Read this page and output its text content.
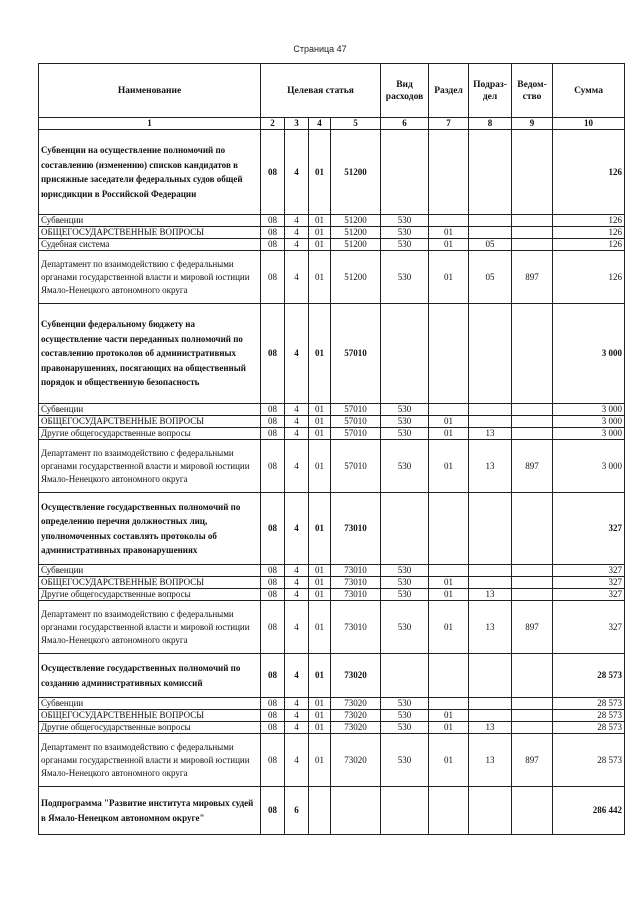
Страница 47
Наименование	Целевая статья				Вид расходов	Раздел	Подраз-дел	Ведом-ство	Сумма
1	2	3	4	5	6	7	8	9	10
Субвенции на осуществление полномочий по составлению (изменению) списков кандидатов в присяжные заседатели федеральных судов общей юрисдикции в Российской Федерации	08	4	01	51200					126
Субвенции	08	4	01	51200	530				126
ОБЩЕГОСУДАРСТВЕННЫЕ ВОПРОСЫ	08	4	01	51200	530	01			126
Судебная система	08	4	01	51200	530	01	05		126
Департамент по взаимодействию с федеральными органами государственной власти и мировой юстиции Ямало-Ненецкого автономного округа	08	4	01	51200	530	01	05	897	126
Субвенции федеральному бюджету на осуществление части переданных полномочий по составлению протоколов об административных правонарушениях, посягающих на общественный порядок и общественную безопасность	08	4	01	57010					3 000
Субвенции	08	4	01	57010	530				3 000
ОБЩЕГОСУДАРСТВЕННЫЕ ВОПРОСЫ	08	4	01	57010	530	01			3 000
Другие общегосударственные вопросы	08	4	01	57010	530	01	13		3 000
Департамент по взаимодействию с федеральными органами государственной власти и мировой юстиции Ямало-Ненецкого автономного округа	08	4	01	57010	530	01	13	897	3 000
Осуществление государственных полномочий по определению перечня должностных лиц, уполномоченных составлять протоколы об административных правонарушениях	08	4	01	73010					327
Субвенции	08	4	01	73010	530				327
ОБЩЕГОСУДАРСТВЕННЫЕ ВОПРОСЫ	08	4	01	73010	530	01			327
Другие общегосударственные вопросы	08	4	01	73010	530	01	13		327
Департамент по взаимодействию с федеральными органами государственной власти и мировой юстиции Ямало-Ненецкого автономного округа	08	4	01	73010	530	01	13	897	327
Осуществление государственных полномочий по созданию административных комиссий	08	4	01	73020					28 573
Субвенции	08	4	01	73020	530				28 573
ОБЩЕГОСУДАРСТВЕННЫЕ ВОПРОСЫ	08	4	01	73020	530	01			28 573
Другие общегосударственные вопросы	08	4	01	73020	530	01	13		28 573
Департамент по взаимодействию с федеральными органами государственной власти и мировой юстиции Ямало-Ненецкого автономного округа	08	4	01	73020	530	01	13	897	28 573
Подпрограмма "Развитие института мировых судей в Ямало-Ненецком автономном округе"	08	6							286 442
